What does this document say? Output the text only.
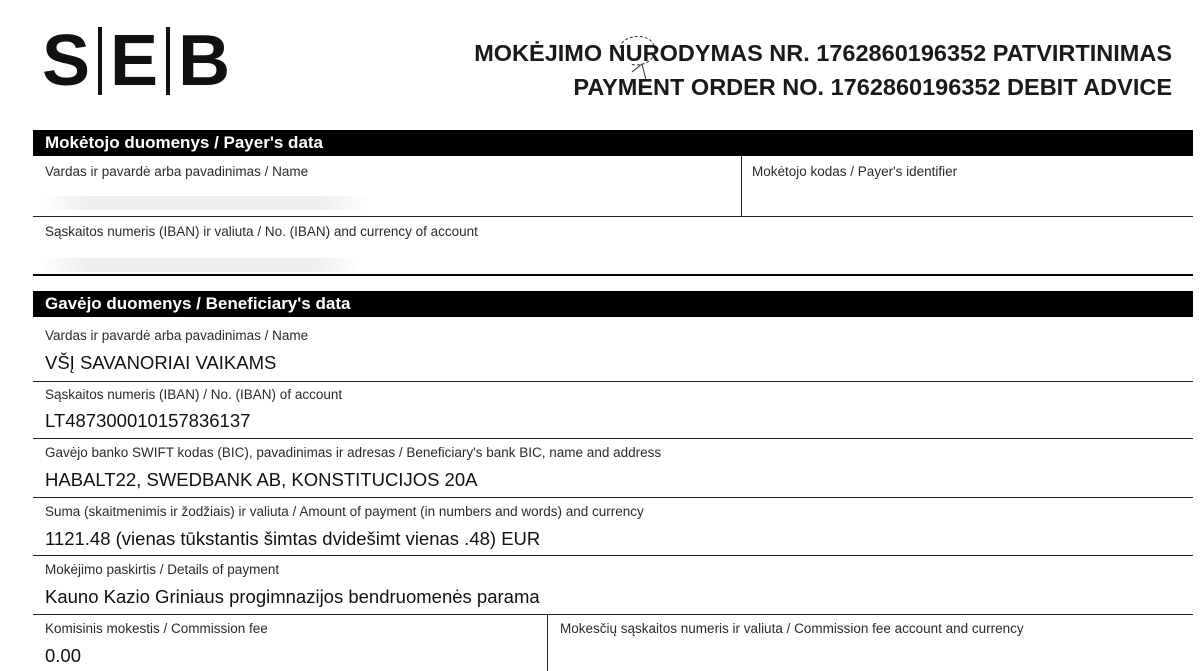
S E B	MOKĖJIMO NURODYMAS NR. 1762860196352 PATVIRTINIMAS
PAYMENT ORDER NO. 1762860196352 DEBIT ADVICE
Mokėtojo duomenys / Payer's data
Vardas ir pavardė arba pavadinimas / Name	Mokėtojo kodas / Payer's identifier
Sąskaitos numeris (IBAN) ir valiuta / No. (IBAN) and currency of account
Gavėjo duomenys / Beneficiary's data
Vardas ir pavardė arba pavadinimas / Name
VŠĮ SAVANORIAI VAIKAMS
Sąskaitos numeris (IBAN) / No. (IBAN) of account
LT487300010157836137
Gavėjo banko SWIFT kodas (BIC), pavadinimas ir adresas / Beneficiary's bank BIC, name and address
HABALT22, SWEDBANK AB, KONSTITUCIJOS 20A
Suma (skaitmenimis ir žodžiais) ir valiuta / Amount of payment (in numbers and words) and currency
1121.48 (vienas tūkstantis šimtas dvidešimt vienas .48) EUR
Mokėjimo paskirtis / Details of payment
Kauno Kazio Griniaus progimnazijos bendruomenės parama
Komisinis mokestis / Commission fee
0.00
Mokesčių sąskaitos numeris ir valiuta / Commission fee account and currency
